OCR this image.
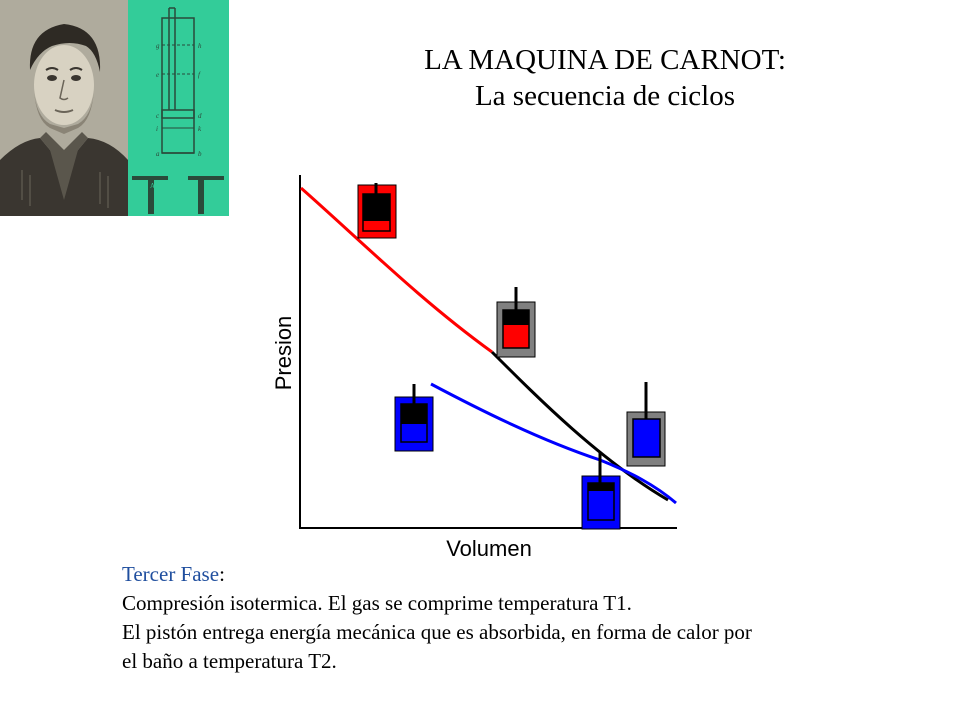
g	h
e	f
c	d
i	k
a	b
A	B
LA MAQUINA DE CARNOT:
La secuencia de ciclos
Presion
Volumen
Tercer Fase:
Compresión isotermica. El gas se comprime temperatura T1.
El pistón entrega energía mecánica que es absorbida, en forma de calor por
el baño a temperatura T2.
